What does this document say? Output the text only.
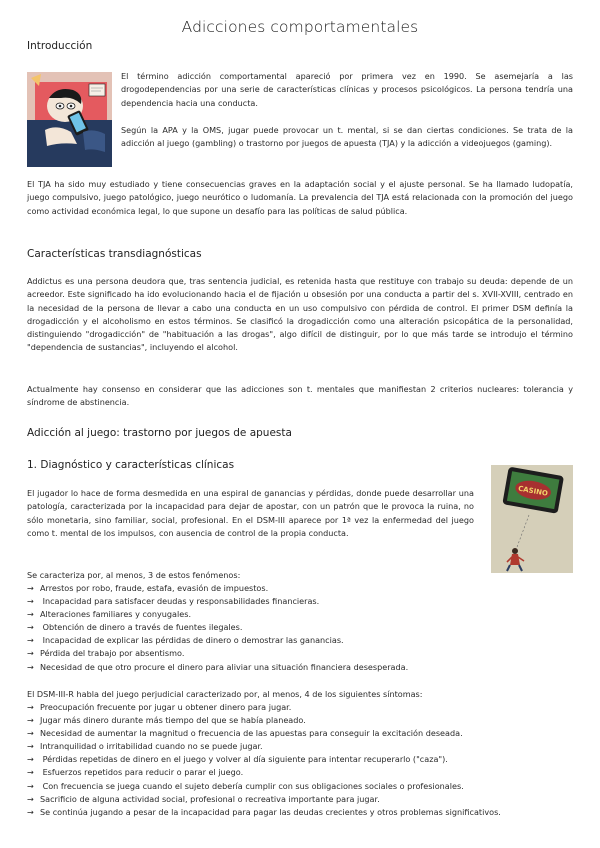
Adicciones comportamentales
Introducción
El término adicción comportamental apareció por primera vez en 1990. Se asemejaría a las drogodependencias por una serie de características clínicas y procesos psicológicos. La persona tendría una dependencia hacia una conducta.
Según la APA y la OMS, jugar puede provocar un t. mental, si se dan ciertas condiciones. Se trata de la adicción al juego (gambling) o trastorno por juegos de apuesta (TJA) y la adicción a videojuegos (gaming).
El TJA ha sido muy estudiado y tiene consecuencias graves en la adaptación social y el ajuste personal. Se ha llamado ludopatía, juego compulsivo, juego patológico, juego neurótico o ludomanía. La prevalencia del TJA está relacionada con la promoción del juego como actividad económica legal, lo que supone un desafío para las políticas de salud pública.
Características transdiagnósticas
Addictus es una persona deudora que, tras sentencia judicial, es retenida hasta que restituye con trabajo su deuda: depende de un acreedor. Este significado ha ido evolucionando hacia el de fijación u obsesión por una conducta a partir del s. XVII-XVIII, centrado en la necesidad de la persona de llevar a cabo una conducta en un uso compulsivo con pérdida de control. El primer DSM definía la drogadicción y el alcoholismo en estos términos. Se clasificó la drogadicción como una alteración psicopática de la personalidad, distinguiendo "drogadicción" de "habituación a las drogas", algo difícil de distinguir, por lo que más tarde se introdujo el término "dependencia de sustancias", incluyendo el alcohol.
Actualmente hay consenso en considerar que las adicciones son t. mentales que manifiestan 2 criterios nucleares: tolerancia y síndrome de abstinencia.
Adicción al juego: trastorno por juegos de apuesta
1. Diagnóstico y características clínicas
CASINO
El jugador lo hace de forma desmedida en una espiral de ganancias y pérdidas, donde puede desarrollar una patología, caracterizada por la incapacidad para dejar de apostar, con un patrón que le provoca la ruina, no sólo monetaria, sino familiar, social, profesional. En el DSM-III aparece por 1ª vez la enfermedad del juego como t. mental de los impulsos, con ausencia de control de la propia conducta.
Se caracteriza por, al menos, 3 de estos fenómenos:
→ Arrestos por robo, fraude, estafa, evasión de impuestos.
→ Incapacidad para satisfacer deudas y responsabilidades financieras.
→ Alteraciones familiares y conyugales.
→ Obtención de dinero a través de fuentes ilegales.
→ Incapacidad de explicar las pérdidas de dinero o demostrar las ganancias.
→ Pérdida del trabajo por absentismo.
→ Necesidad de que otro procure el dinero para aliviar una situación financiera desesperada.
El DSM-III-R habla del juego perjudicial caracterizado por, al menos, 4 de los siguientes síntomas:
→ Preocupación frecuente por jugar u obtener dinero para jugar.
→ Jugar más dinero durante más tiempo del que se había planeado.
→ Necesidad de aumentar la magnitud o frecuencia de las apuestas para conseguir la excitación deseada.
→ Intranquilidad o irritabilidad cuando no se puede jugar.
→ Pérdidas repetidas de dinero en el juego y volver al día siguiente para intentar recuperarlo ("caza").
→ Esfuerzos repetidos para reducir o parar el juego.
→ Con frecuencia se juega cuando el sujeto debería cumplir con sus obligaciones sociales o profesionales.
→ Sacrificio de alguna actividad social, profesional o recreativa importante para jugar.
→ Se continúa jugando a pesar de la incapacidad para pagar las deudas crecientes y otros problemas significativos.
